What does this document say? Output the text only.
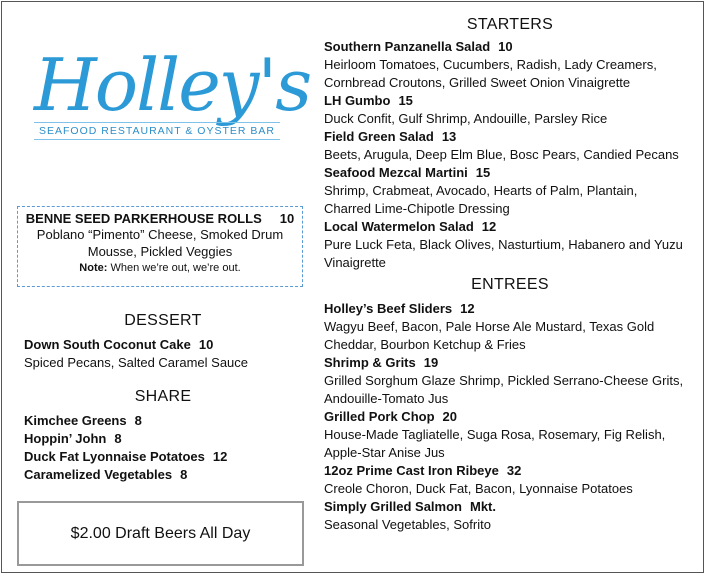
Holley's
SEAFOOD RESTAURANT & OYSTER BAR
BENNE SEED PARKERHOUSE ROLLS 10
Poblano “Pimento” Cheese, Smoked Drum
Mousse, Pickled Veggies
Note: When we’re out, we’re out.
DESSERT
Down South Coconut Cake 10
Spiced Pecans, Salted Caramel Sauce
SHARE
Kimchee Greens 8
Hoppin’ John 8
Duck Fat Lyonnaise Potatoes 12
Caramelized Vegetables 8
$2.00 Draft Beers All Day
STARTERS
Southern Panzanella Salad 10
Heirloom Tomatoes, Cucumbers, Radish, Lady Creamers,
Cornbread Croutons, Grilled Sweet Onion Vinaigrette
LH Gumbo 15
Duck Confit, Gulf Shrimp, Andouille, Parsley Rice
Field Green Salad 13
Beets, Arugula, Deep Elm Blue, Bosc Pears, Candied Pecans
Seafood Mezcal Martini 15
Shrimp, Crabmeat, Avocado, Hearts of Palm, Plantain,
Charred Lime-Chipotle Dressing
Local Watermelon Salad 12
Pure Luck Feta, Black Olives, Nasturtium, Habanero and Yuzu
Vinaigrette
ENTREES
Holley’s Beef Sliders 12
Wagyu Beef, Bacon, Pale Horse Ale Mustard, Texas Gold
Cheddar, Bourbon Ketchup & Fries
Shrimp & Grits 19
Grilled Sorghum Glaze Shrimp, Pickled Serrano-Cheese Grits,
Andouille-Tomato Jus
Grilled Pork Chop 20
House-Made Tagliatelle, Suga Rosa, Rosemary, Fig Relish,
Apple-Star Anise Jus
12oz Prime Cast Iron Ribeye 32
Creole Choron, Duck Fat, Bacon, Lyonnaise Potatoes
Simply Grilled Salmon Mkt.
Seasonal Vegetables, Sofrito
